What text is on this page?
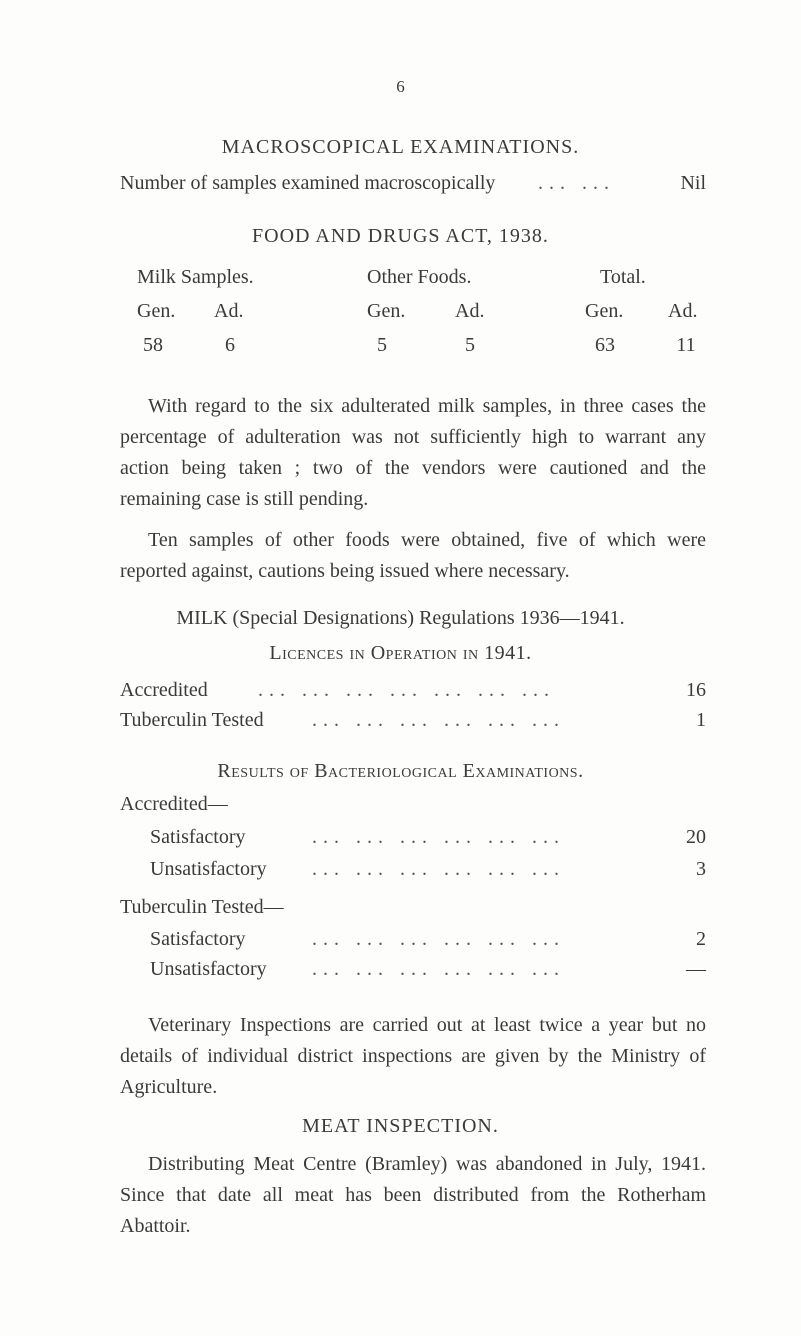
6
MACROSCOPICAL EXAMINATIONS.
Number of samples examined macroscopically ... ...	Nil
FOOD AND DRUGS ACT, 1938.
Milk Samples.	Other Foods.	Total.
Gen. Ad.	Gen. Ad.	Gen. Ad.
58	6	5	5	63	11
With regard to the six adulterated milk samples, in three cases the percentage of adulteration was not sufficiently high to warrant any action being taken ; two of the vendors were cautioned and the remaining case is still pending.
Ten samples of other foods were obtained, five of which were reported against, cautions being issued where necessary.
MILK (Special Designations) Regulations 1936—1941.
Licences in Operation in 1941.
Accredited	... ... ... ... ... ... ...	16
Tuberculin Tested ... ... ... ... ... ...	1
Results of Bacteriological Examinations.
Accredited—
Satisfactory	... ... ... ... ... ...	20
Unsatisfactory ... ... ... ... ... ...	3
Tuberculin Tested—
Satisfactory	... ... ... ... ... ...	2
Unsatisfactory ... ... ... ... ... ...	—
Veterinary Inspections are carried out at least twice a year but no details of individual district inspections are given by the Ministry of Agriculture.
MEAT INSPECTION.
Distributing Meat Centre (Bramley) was abandoned in July, 1941. Since that date all meat has been distributed from the Rotherham Abattoir.
